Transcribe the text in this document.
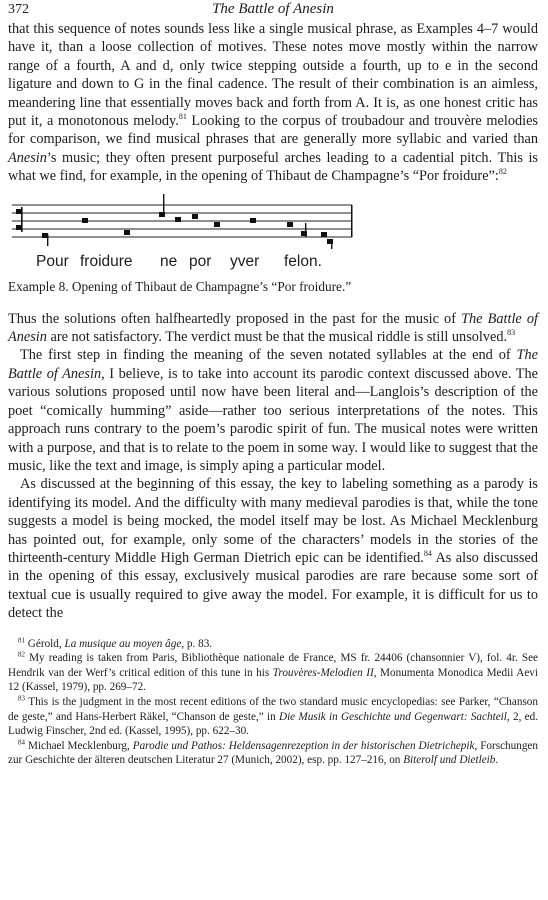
372	The Battle of Anesin

that this sequence of notes sounds less like a single musical phrase, as Examples 4–7 would have it, than a loose collection of motives. These notes move mostly within the narrow range of a fourth, A and d, only twice stepping outside a fourth, up to e in the second ligature and down to G in the final cadence. The result of their combination is an aimless, meandering line that essentially moves back and forth from A. It is, as one honest critic has put it, a monotonous melody.$^{81}$ Looking to the corpus of troubadour and trouvère melodies for comparison, we find musical phrases that are generally more syllabic and varied than Anesin’s music; they often present purposeful arches leading to a cadential pitch. This is what we find, for example, in the opening of Thibaut de Champagne’s “Por froidure”:$^{82}$

Pour froidure ne por yver felon.

Example 8. Opening of Thibaut de Champagne’s “Por froidure.”

Thus the solutions often halfheartedly proposed in the past for the music of The Battle of Anesin are not satisfactory. The verdict must be that the musical riddle is still unsolved.$^{83}$

The first step in finding the meaning of the seven notated syllables at the end of The Battle of Anesin, I believe, is to take into account its parodic context discussed above. The various solutions proposed until now have been literal and—Langlois’s description of the poet “comically humming” aside—rather too serious interpretations of the notes. This approach runs contrary to the poem’s parodic spirit of fun. The musical notes were written with a purpose, and that is to relate to the poem in some way. I would like to suggest that the music, like the text and image, is simply aping a particular model.

As discussed at the beginning of this essay, the key to labeling something as a parody is identifying its model. And the difficulty with many medieval parodies is that, while the tone suggests a model is being mocked, the model itself may be lost. As Michael Mecklenburg has pointed out, for example, only some of the characters’ models in the stories of the thirteenth-century Middle High German Dietrich epic can be identified.$^{84}$ As also discussed in the opening of this essay, exclusively musical parodies are rare because some sort of textual cue is usually required to give away the model. For example, it is difficult for us to detect the

$^{81}$ Gérold, La musique au moyen âge, p. 83.

$^{82}$ My reading is taken from Paris, Bibliothèque nationale de France, MS fr. 24406 (chansonnier V), fol. 4r. See Hendrik van der Werf’s critical edition of this tune in his Trouvères-Melodien II, Monumenta Monodica Medii Aevi 12 (Kassel, 1979), pp. 269–72.

$^{83}$ This is the judgment in the most recent editions of the two standard music encyclopedias: see Parker, “Chanson de geste,” and Hans-Herbert Räkel, “Chanson de geste,” in Die Musik in Geschichte und Gegenwart: Sachteil, 2, ed. Ludwig Finscher, 2nd ed. (Kassel, 1995), pp. 622–30.

$^{84}$ Michael Mecklenburg, Parodie und Pathos: Heldensagenrezeption in der historischen Dietrichepik, Forschungen zur Geschichte der älteren deutschen Literatur 27 (Munich, 2002), esp. pp. 127–216, on Biterolf und Dietleib.
